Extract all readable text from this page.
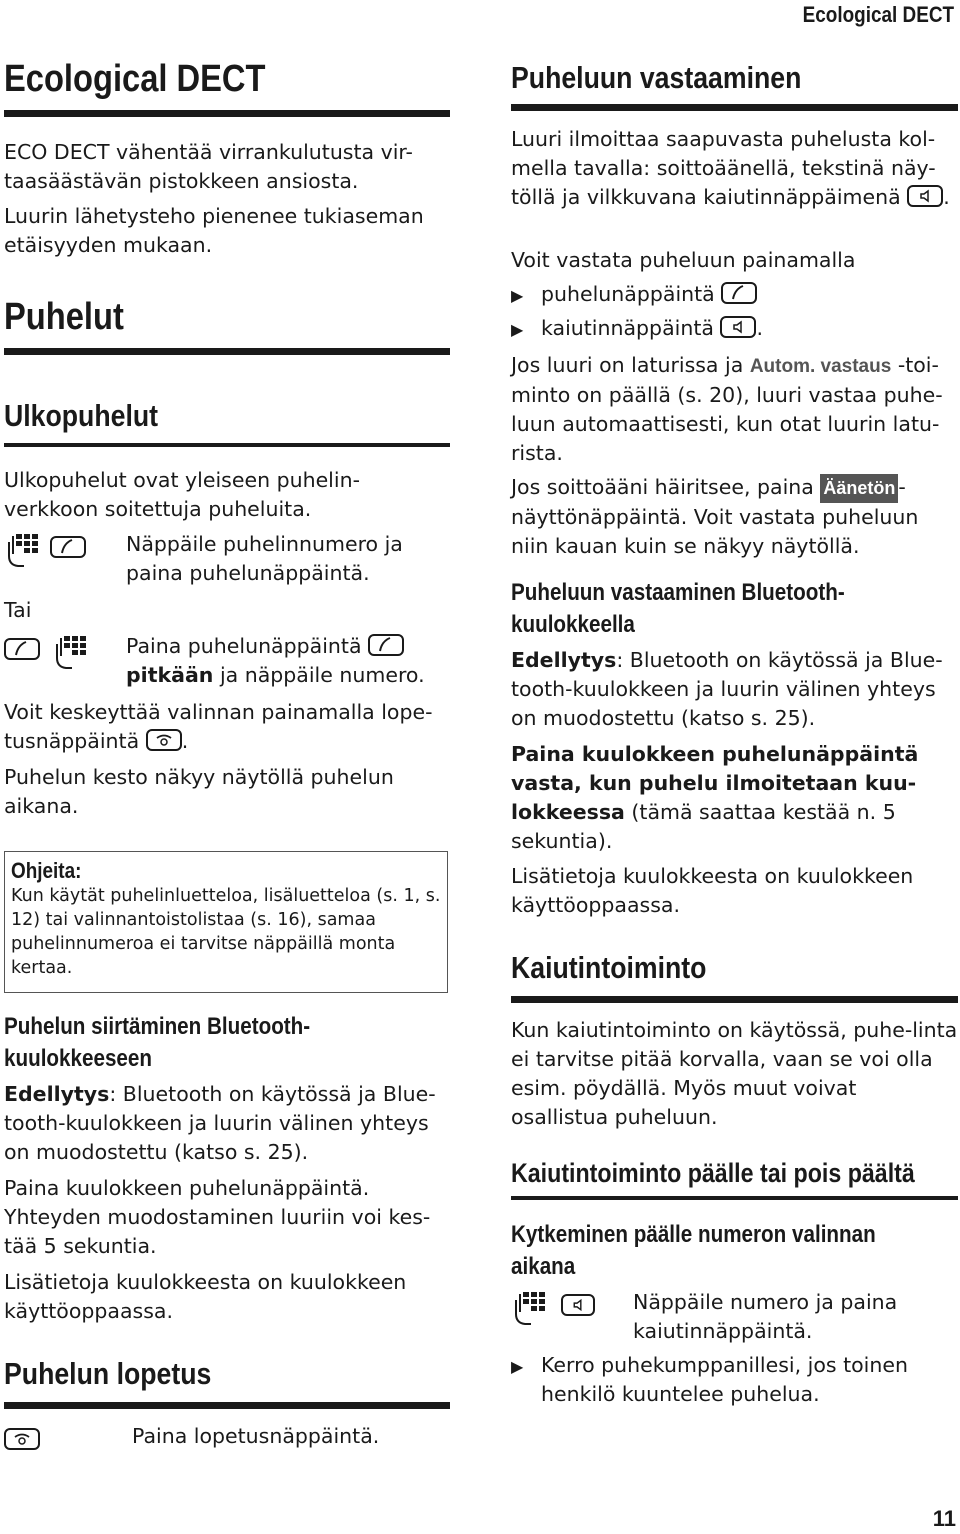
Ecological DECT
Ecological DECT
ECO DECT vähentää virrankulutusta vir-taasäästävän pistokkeen ansiosta.
Luurin lähetysteho pienenee tukiaseman etäisyyden mukaan.
Puhelut
Ulkopuhelut
Ulkopuhelut ovat yleiseen puhelin-verkkoon soitettuja puheluita.
Näppäile puhelinnumero ja paina puhelunäppäintä.
Tai
Paina puhelunäppäintä

pitkään ja näppäile numero.
Voit keskeyttää valinnan painamalla lope-tusnäppäintä .
Puhelun kesto näkyy näytöllä puhelun aikana.
Ohjeita:
Kun käytät puhelinluetteloa, lisäluetteloa (s. 1, s. 12) tai valinnantoistolistaa (s. 16), samaa puhelinnumeroa ei tarvitse näppäillä monta kertaa.
Puhelun siirtäminen Bluetooth-
kuulokkeeseen
Edellytys: Bluetooth on käytössä ja Blue-tooth-kuulokkeen ja luurin välinen yhteys on muodostettu (katso s. 25).
Paina kuulokkeen puhelunäppäintä. Yhteyden muodostaminen luuriin voi kes-tää 5 sekuntia.
Lisätietoja kuulokkeesta on kuulokkeen käyttöoppaassa.
Puhelun lopetus
Paina lopetusnäppäintä.
Puheluun vastaaminen
Luuri ilmoittaa saapuvasta puhelusta kol-mella tavalla: soittoäänellä, tekstinä näy-töllä ja vilkkuvana kaiutinnäppäimenä .
Voit vastata puheluun painamalla
▶ puhelunäppäintä
▶ kaiutinnäppäintä .
Jos luuri on laturissa ja Autom. vastaus -toi-minto on päällä (s. 20), luuri vastaa puhe-luun automaattisesti, kun otat luurin latu-rista.
Jos soittoääni häiritsee, paina Äänetön -näyttönäppäintä. Voit vastata puheluun niin kauan kuin se näkyy näytöllä.
Puheluun vastaaminen Bluetooth-
kuulokkeella
Edellytys: Bluetooth on käytössä ja Blue-tooth-kuulokkeen ja luurin välinen yhteys on muodostettu (katso s. 25).
Paina kuulokkeen puhelunäppäintä vasta, kun puhelu ilmoitetaan kuu-lokkeessa (tämä saattaa kestää n. 5 sekuntia).
Lisätietoja kuulokkeesta on kuulokkeen käyttöoppaassa.
Kaiutintoiminto
Kun kaiutintoiminto on käytössä, puhe-linta ei tarvitse pitää korvalla, vaan se voi olla esim. pöydällä. Myös muut voivat osallistua puheluun.
Kaiutintoiminto päälle tai pois päältä
Kytkeminen päälle numeron valinnan
aikana
Näppäile numero ja paina kaiutinnäppäintä.
▶ Kerro puhekumppanillesi, jos toinen henkilö kuuntelee puhelua.
11
